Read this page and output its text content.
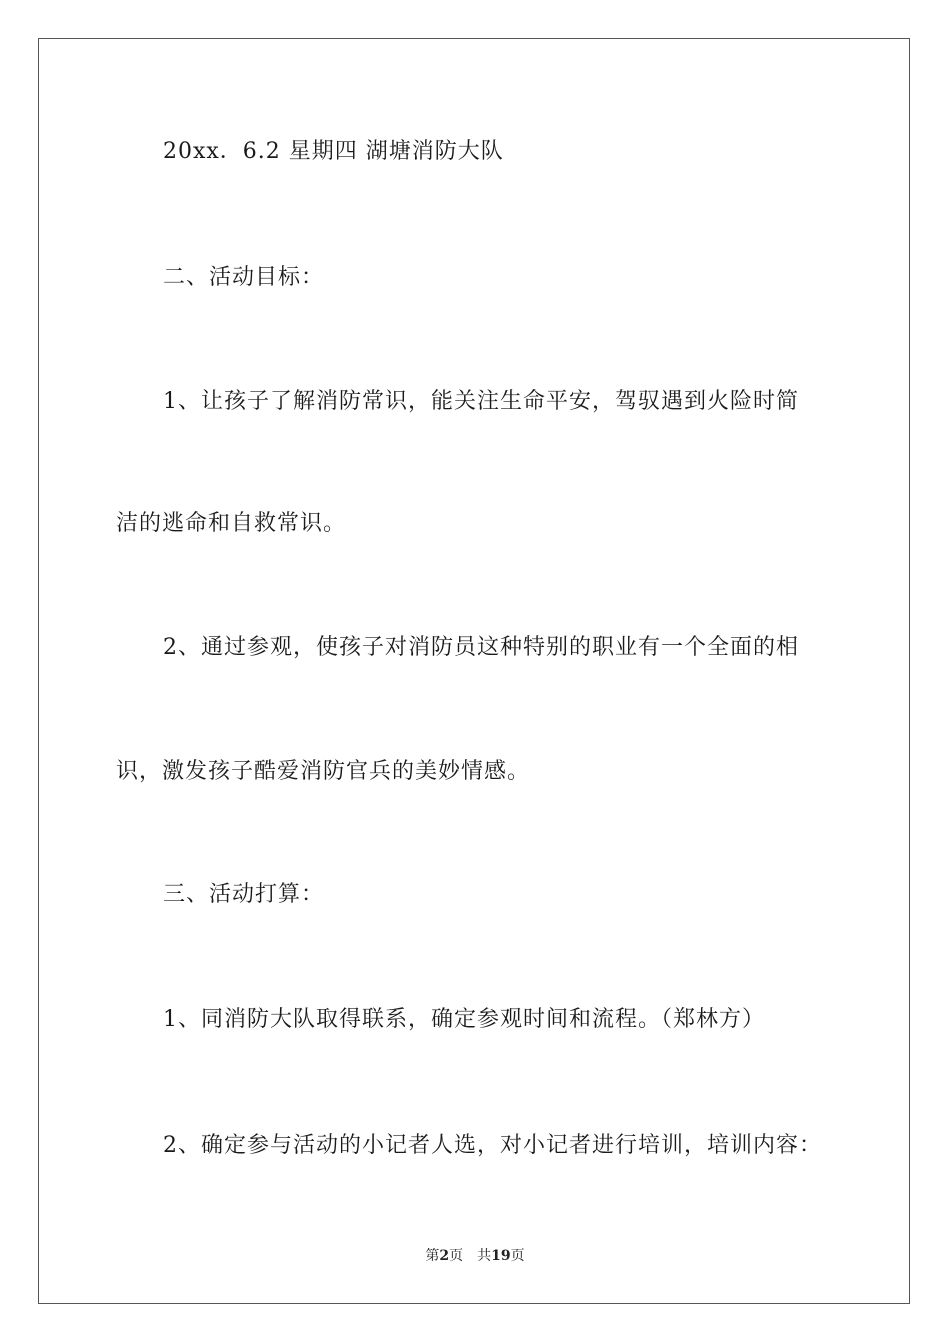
20xx．6.2 星期四 湖塘消防大队
二、活动目标：
1、让孩子了解消防常识，能关注生命平安，驾驭遇到火险时简
洁的逃命和自救常识。
2、通过参观，使孩子对消防员这种特别的职业有一个全面的相
识，激发孩子酷爱消防官兵的美妙情感。
三、活动打算：
1、同消防大队取得联系，确定参观时间和流程。（郑林方）
2、确定参与活动的小记者人选，对小记者进行培训，培训内容：
第2页 共19页
